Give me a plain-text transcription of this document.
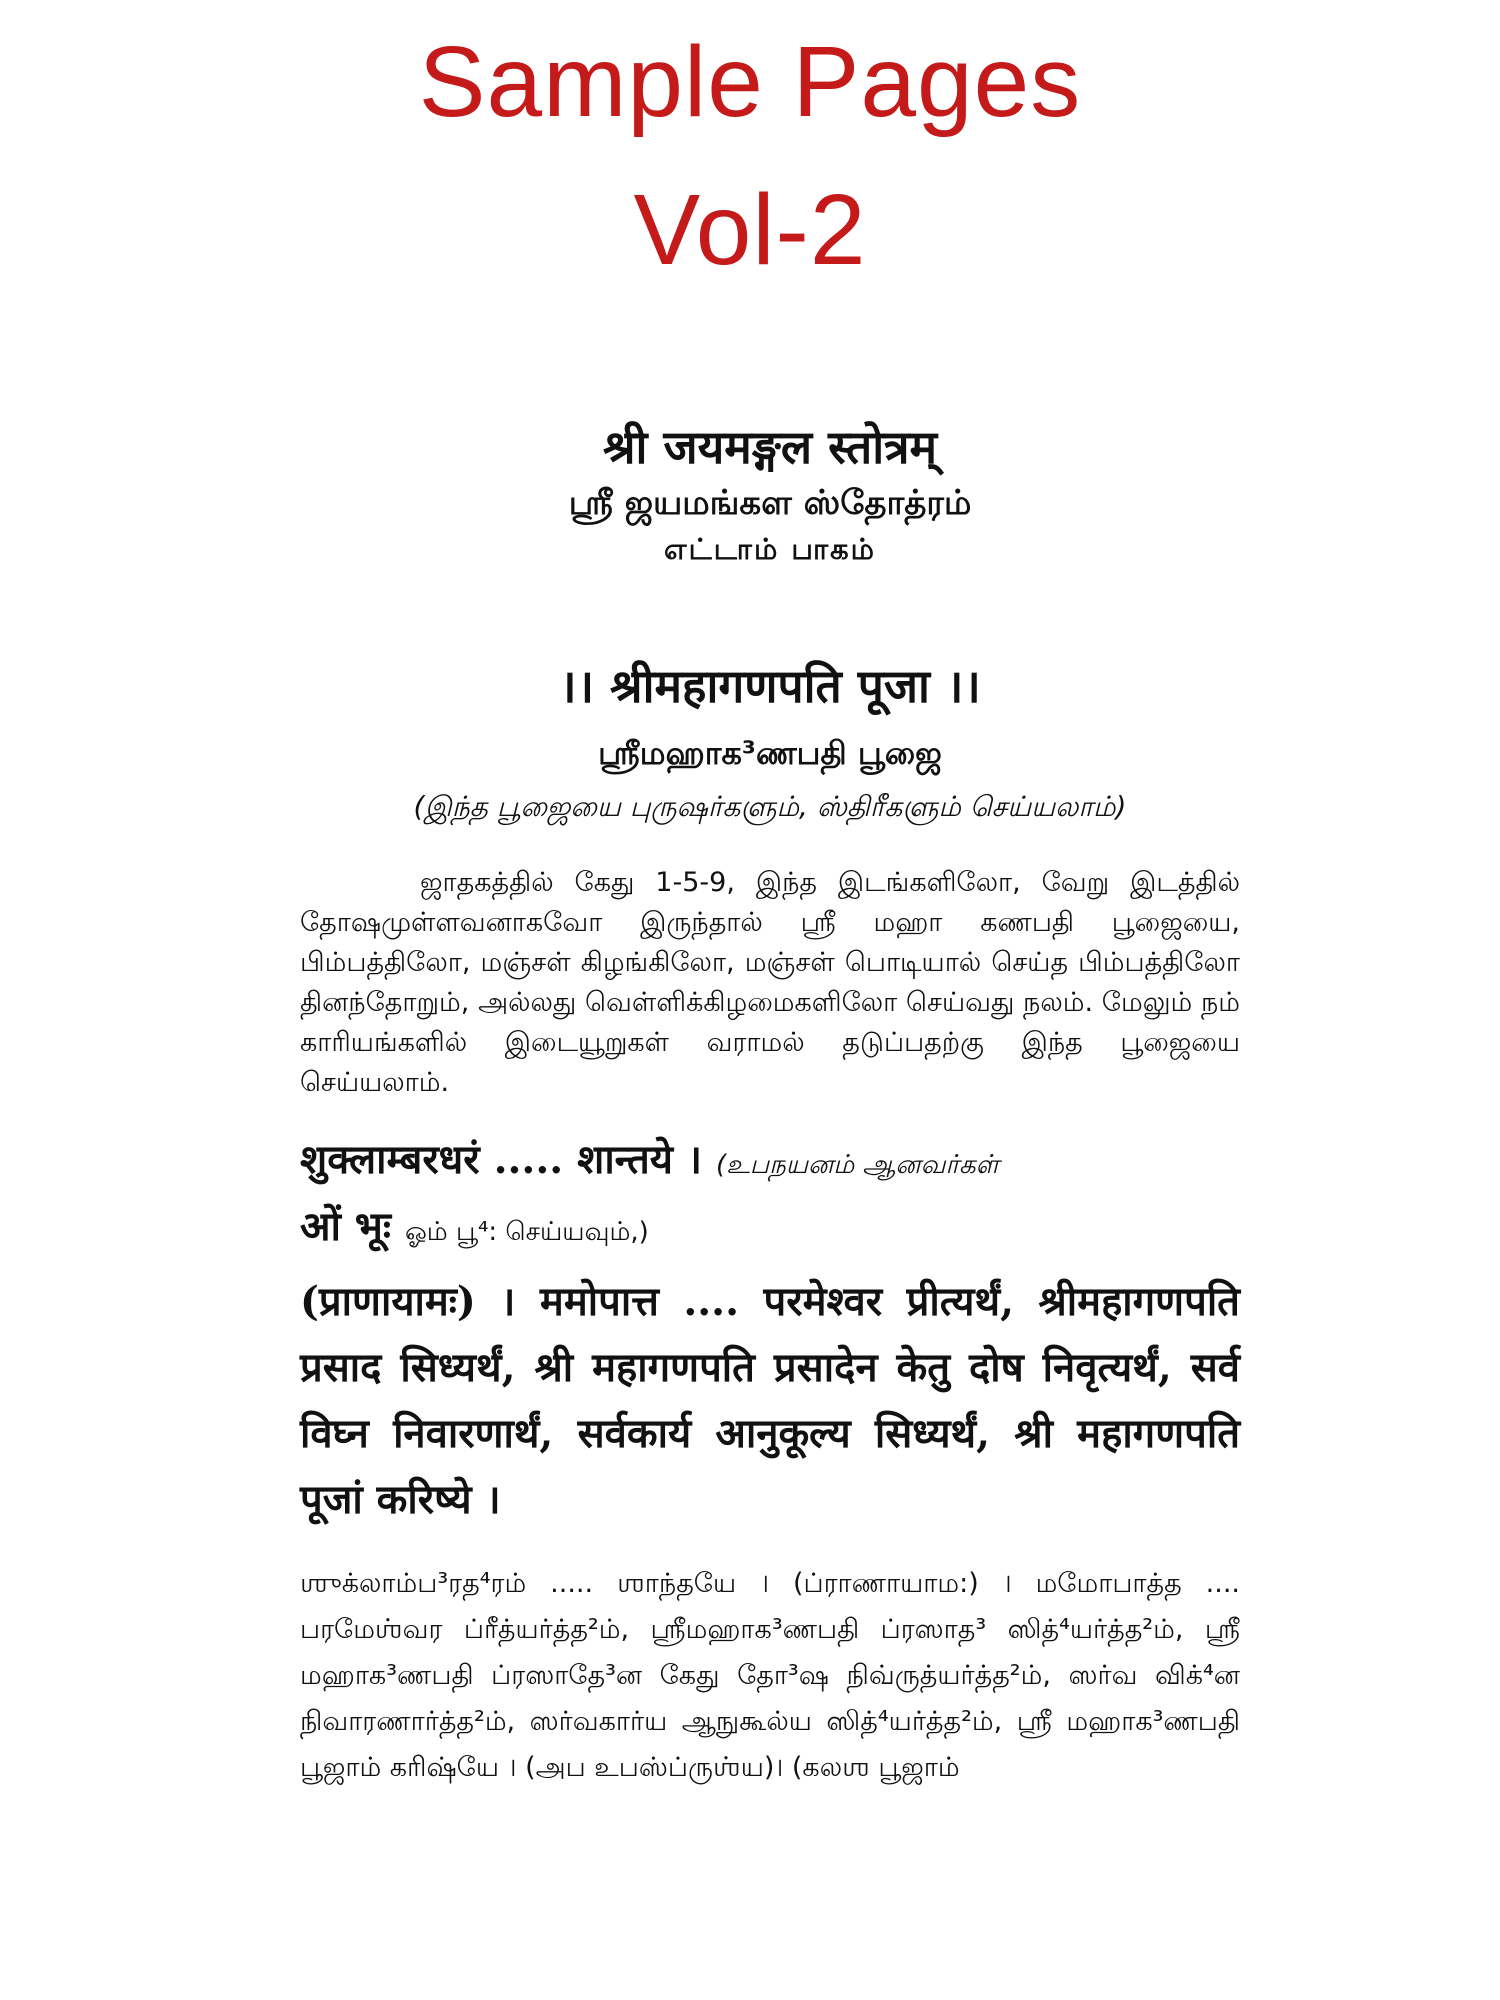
Sample Pages
Vol-2

श्री जयमङ्गल स्तोत्रम्

ஸ்ரீ ஜயமங்கள ஸ்தோத்ரம்

எட்டாம் பாகம்

।। श्रीमहागणपति पूजा ।।

ஸ்ரீமஹாக³ணபதி பூஜை

(இந்த பூஜையை புருஷர்களும், ஸ்திரீகளும் செய்யலாம்)

ஜாதகத்தில் கேது 1-5-9, இந்த இடங்களிலோ, வேறு இடத்தில் தோஷமுள்ளவனாகவோ இருந்தால் ஸ்ரீ மஹா கணபதி பூஜையை, பிம்பத்திலோ, மஞ்சள் கிழங்கிலோ, மஞ்சள் பொடியால் செய்த பிம்பத்திலோ தினந்தோறும், அல்லது வெள்ளிக்கிழமைகளிலோ செய்வது நலம். மேலும் நம் காரியங்களில் இடையூறுகள் வராமல் தடுப்பதற்கு இந்த பூஜையை செய்யலாம்.

शुक्लाम्बरधरं ..... शान्तये । (உபநயனம் ஆனவர்கள்

ओं भूः ஓம் பூ⁴: செய்யவும்,)

(प्राणायामः) । ममोपात्त .... परमेश्वर प्रीत्यर्थं, श्रीमहागणपति प्रसाद सिध्यर्थं, श्री महागणपति प्रसादेन केतु दोष निवृत्यर्थं, सर्व विघ्न निवारणार्थं, सर्वकार्य आनुकूल्य सिध्यर्थं, श्री महागणपति पूजां करिष्ये ।

ஶுக்லாம்ப³ரத⁴ரம் ..... ஶாந்தயே । (ப்ராணாயாம:) । மமோபாத்த .... பரமேஶ்வர ப்ரீத்யர்த்த²ம், ஸ்ரீமஹாக³ணபதி ப்ரஸாத³ ஸித்⁴யர்த்த²ம், ஸ்ரீ மஹாக³ணபதி ப்ரஸாதே³ன கேது தோ³ஷ நிவ்ருத்யர்த்த²ம், ஸர்வ விக்⁴ன நிவாரணார்த்த²ம், ஸர்வகார்ய ஆநுகூல்ய ஸித்⁴யர்த்த²ம், ஸ்ரீ மஹாக³ணபதி பூஜாம் கரிஷ்யே । (அப உபஸ்ப்ருஶ்ய)। (கலஶ பூஜாம்
